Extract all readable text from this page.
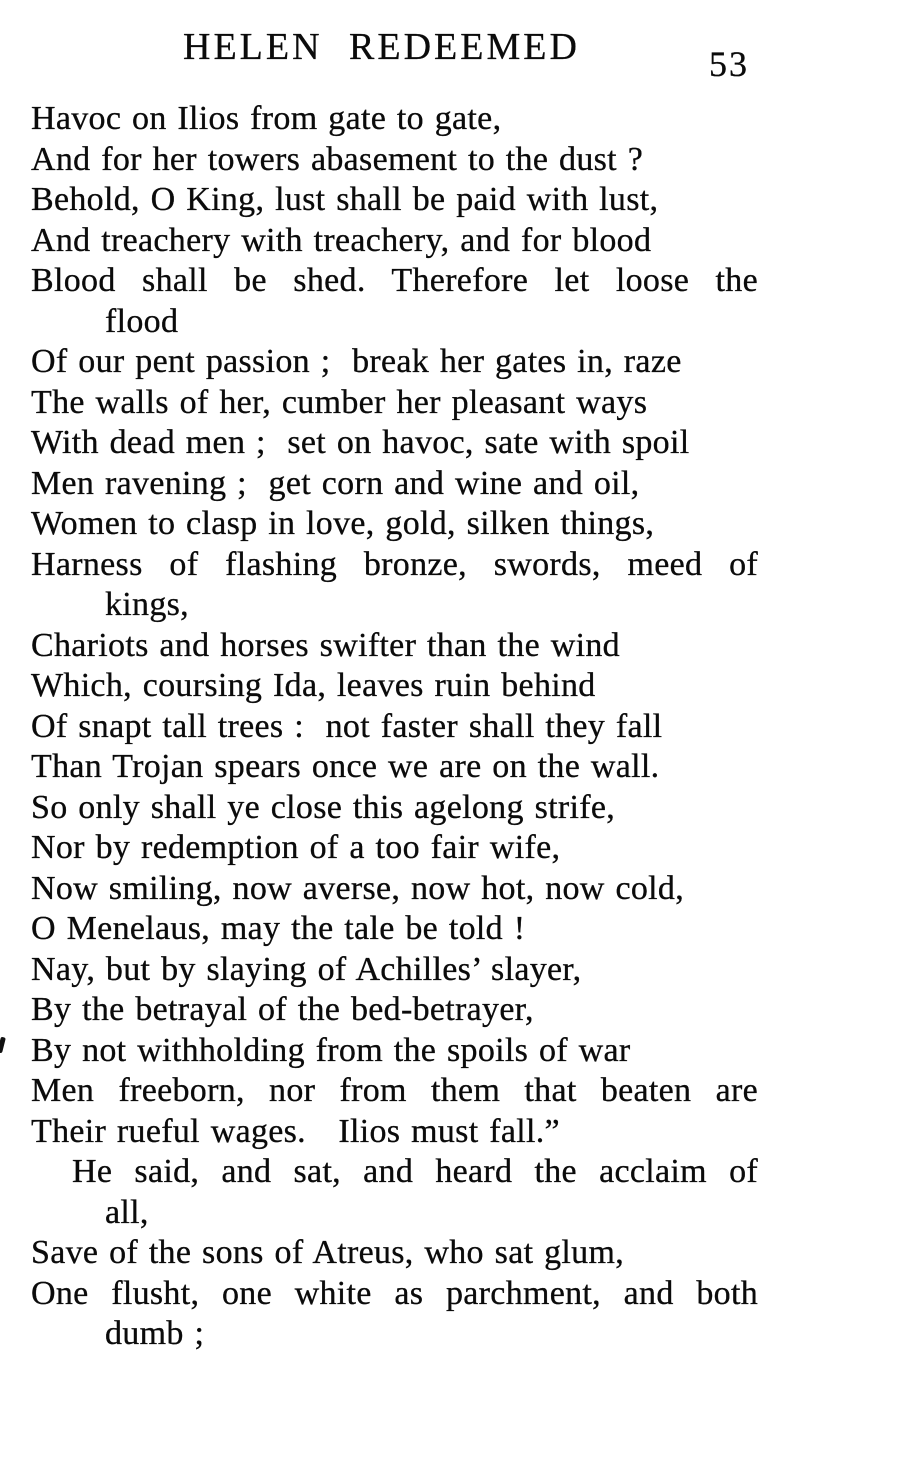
HELEN REDEEMED	53
Havoc on Ilios from gate to gate,
And for her towers abasement to the dust ?
Behold, O King, lust shall be paid with lust,
And treachery with treachery, and for blood
Blood shall be shed. Therefore let loose the
flood
Of our pent passion ;  break her gates in, raze
The walls of her, cumber her pleasant ways
With dead men ;  set on havoc, sate with spoil
Men ravening ;  get corn and wine and oil,
Women to clasp in love, gold, silken things,
Harness of flashing bronze, swords, meed of
kings,
Chariots and horses swifter than the wind
Which, coursing Ida, leaves ruin behind
Of snapt tall trees :  not faster shall they fall
Than Trojan spears once we are on the wall.
So only shall ye close this agelong strife,
Nor by redemption of a too fair wife,
Now smiling, now averse, now hot, now cold,
O Menelaus, may the tale be told !
Nay, but by slaying of Achilles’ slayer,
By the betrayal of the bed-betrayer,
By not withholding from the spoils of war
Men freeborn, nor from them that beaten are
Their rueful wages.   Ilios must fall.”
He said, and sat, and heard the acclaim of
all,
Save of the sons of Atreus, who sat glum,
One flusht, one white as parchment, and both
dumb ;
